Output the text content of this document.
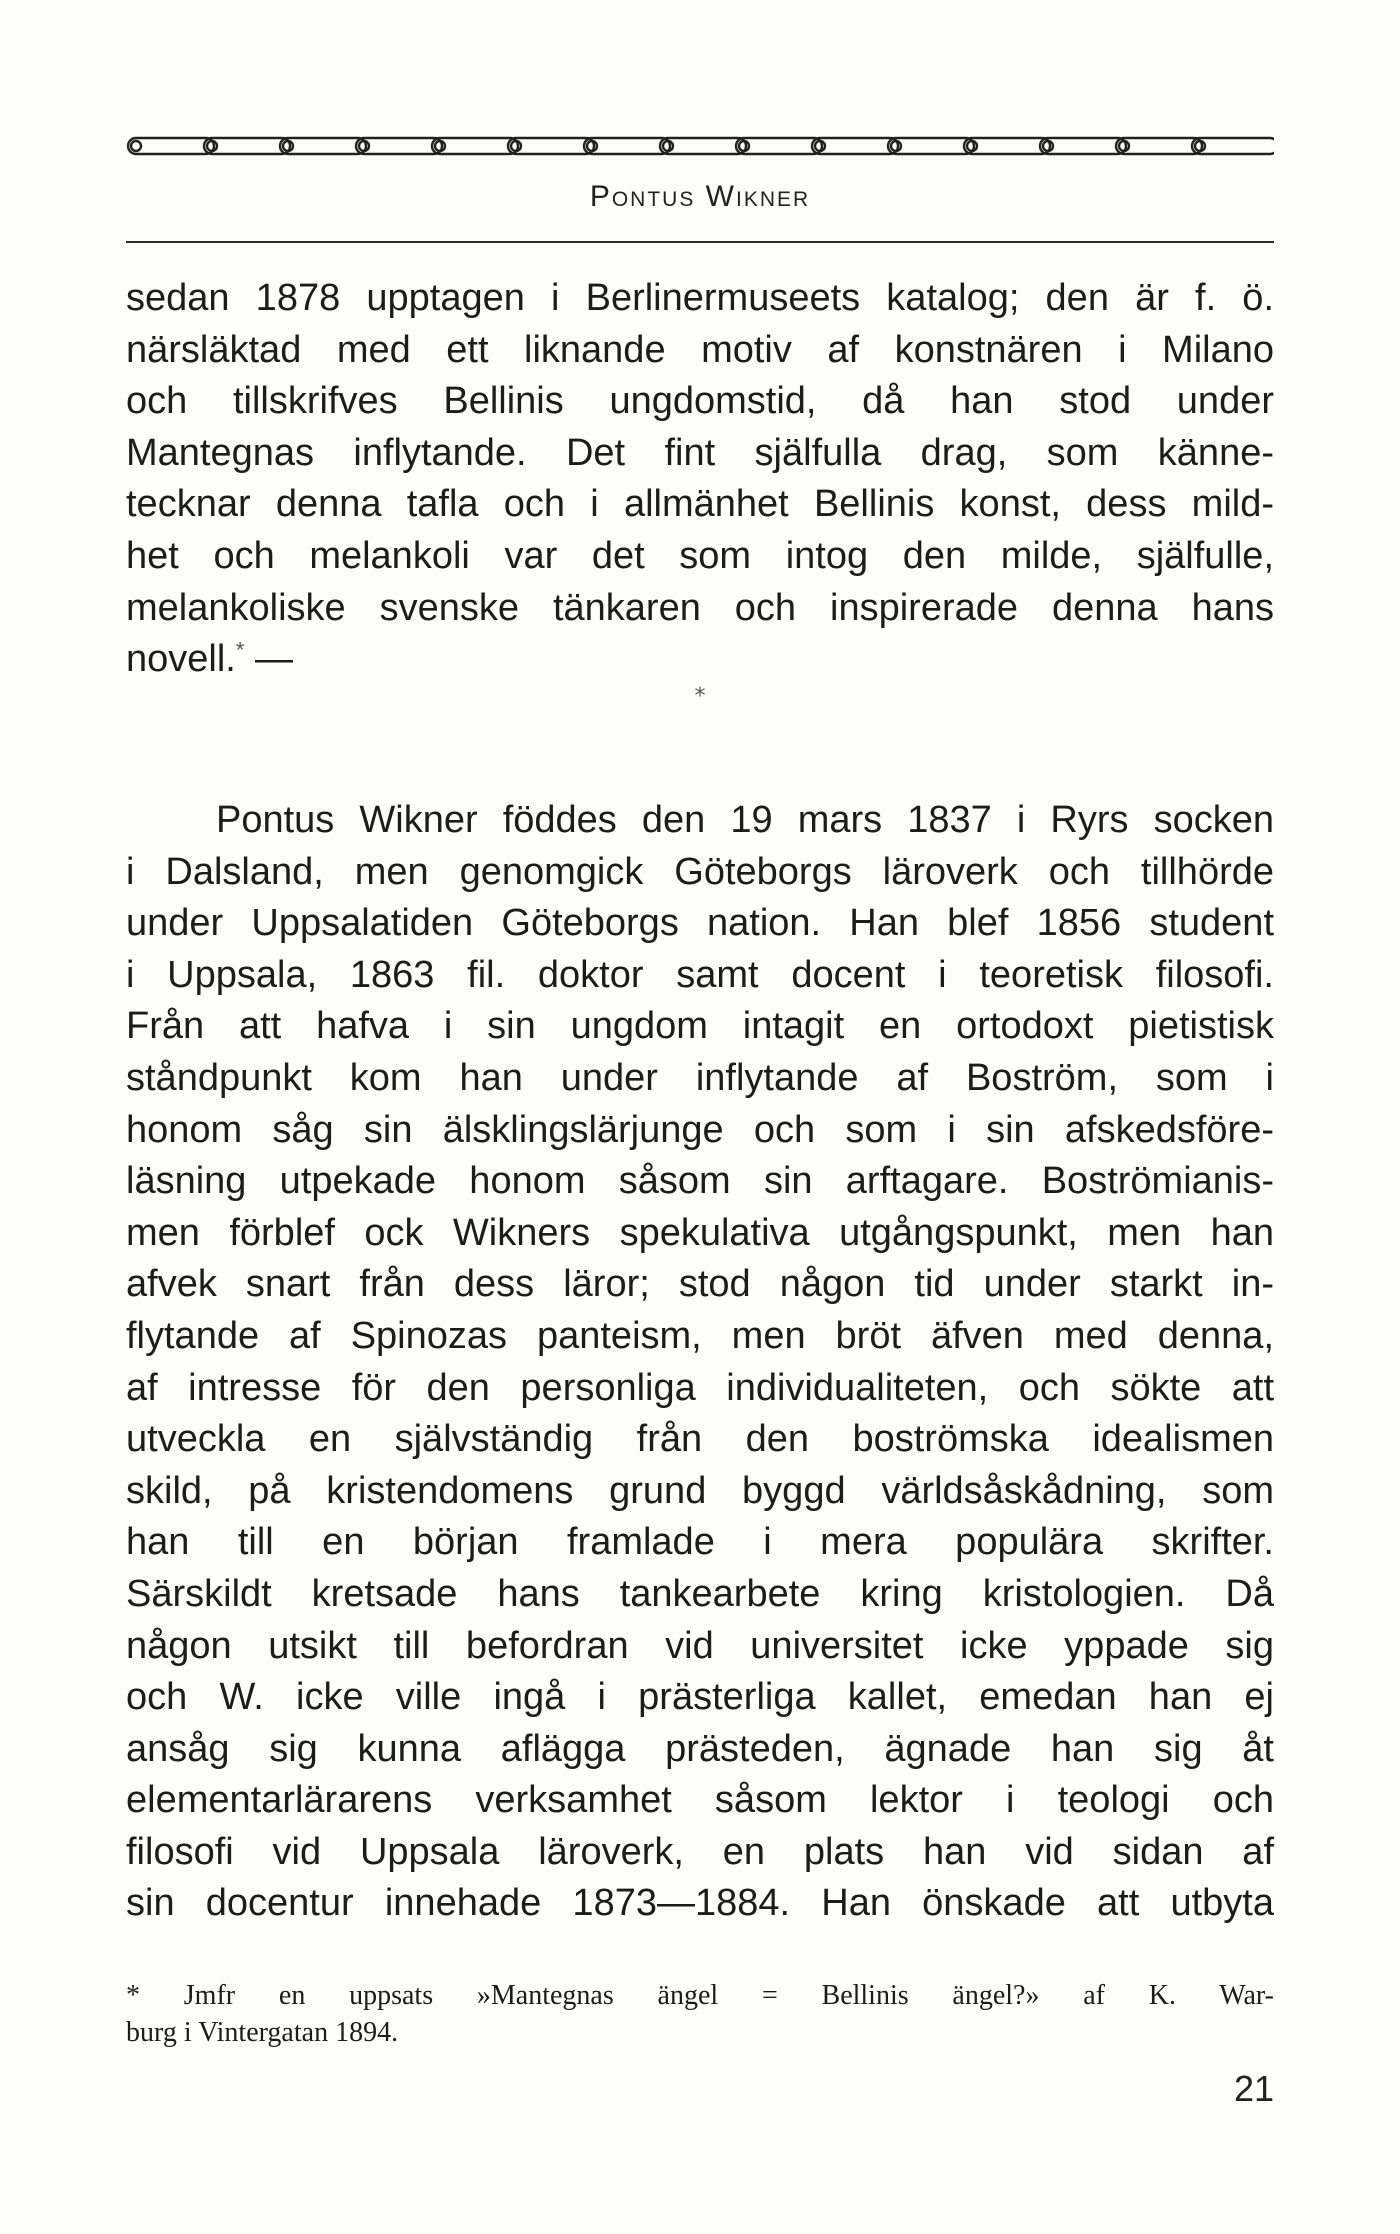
Pontus Wikner
sedan 1878 upptagen i Berlinermuseets katalog; den är f. ö.
närsläktad med ett liknande motiv af konstnären i Milano
och tillskrifves Bellinis ungdomstid, då han stod under
Mantegnas inflytande. Det fint själfulla drag, som känne-
tecknar denna tafla och i allmänhet Bellinis konst, dess mild-
het och melankoli var det som intog den milde, själfulle,
melankoliske svenske tänkaren och inspirerade denna hans
novell.* —
*
Pontus Wikner föddes den 19 mars 1837 i Ryrs socken
i Dalsland, men genomgick Göteborgs läroverk och tillhörde
under Uppsalatiden Göteborgs nation. Han blef 1856 student
i Uppsala, 1863 fil. doktor samt docent i teoretisk filosofi.
Från att hafva i sin ungdom intagit en ortodoxt pietistisk
ståndpunkt kom han under inflytande af Boström, som i
honom såg sin älsklingslärjunge och som i sin afskedsföre-
läsning utpekade honom såsom sin arftagare. Boströmianis-
men förblef ock Wikners spekulativa utgångspunkt, men han
afvek snart från dess läror; stod någon tid under starkt in-
flytande af Spinozas panteism, men bröt äfven med denna,
af intresse för den personliga individualiteten, och sökte att
utveckla en självständig från den boströmska idealismen
skild, på kristendomens grund byggd världsåskådning, som
han till en början framlade i mera populära skrifter.
Särskildt kretsade hans tankearbete kring kristologien. Då
någon utsikt till befordran vid universitet icke yppade sig
och W. icke ville ingå i prästerliga kallet, emedan han ej
ansåg sig kunna aflägga prästeden, ägnade han sig åt
elementarlärarens verksamhet såsom lektor i teologi och
filosofi vid Uppsala läroverk, en plats han vid sidan af
sin docentur innehade 1873—1884. Han önskade att utbyta
* Jmfr en uppsats »Mantegnas ängel = Bellinis ängel?» af K. War-
burg i Vintergatan 1894.
21
